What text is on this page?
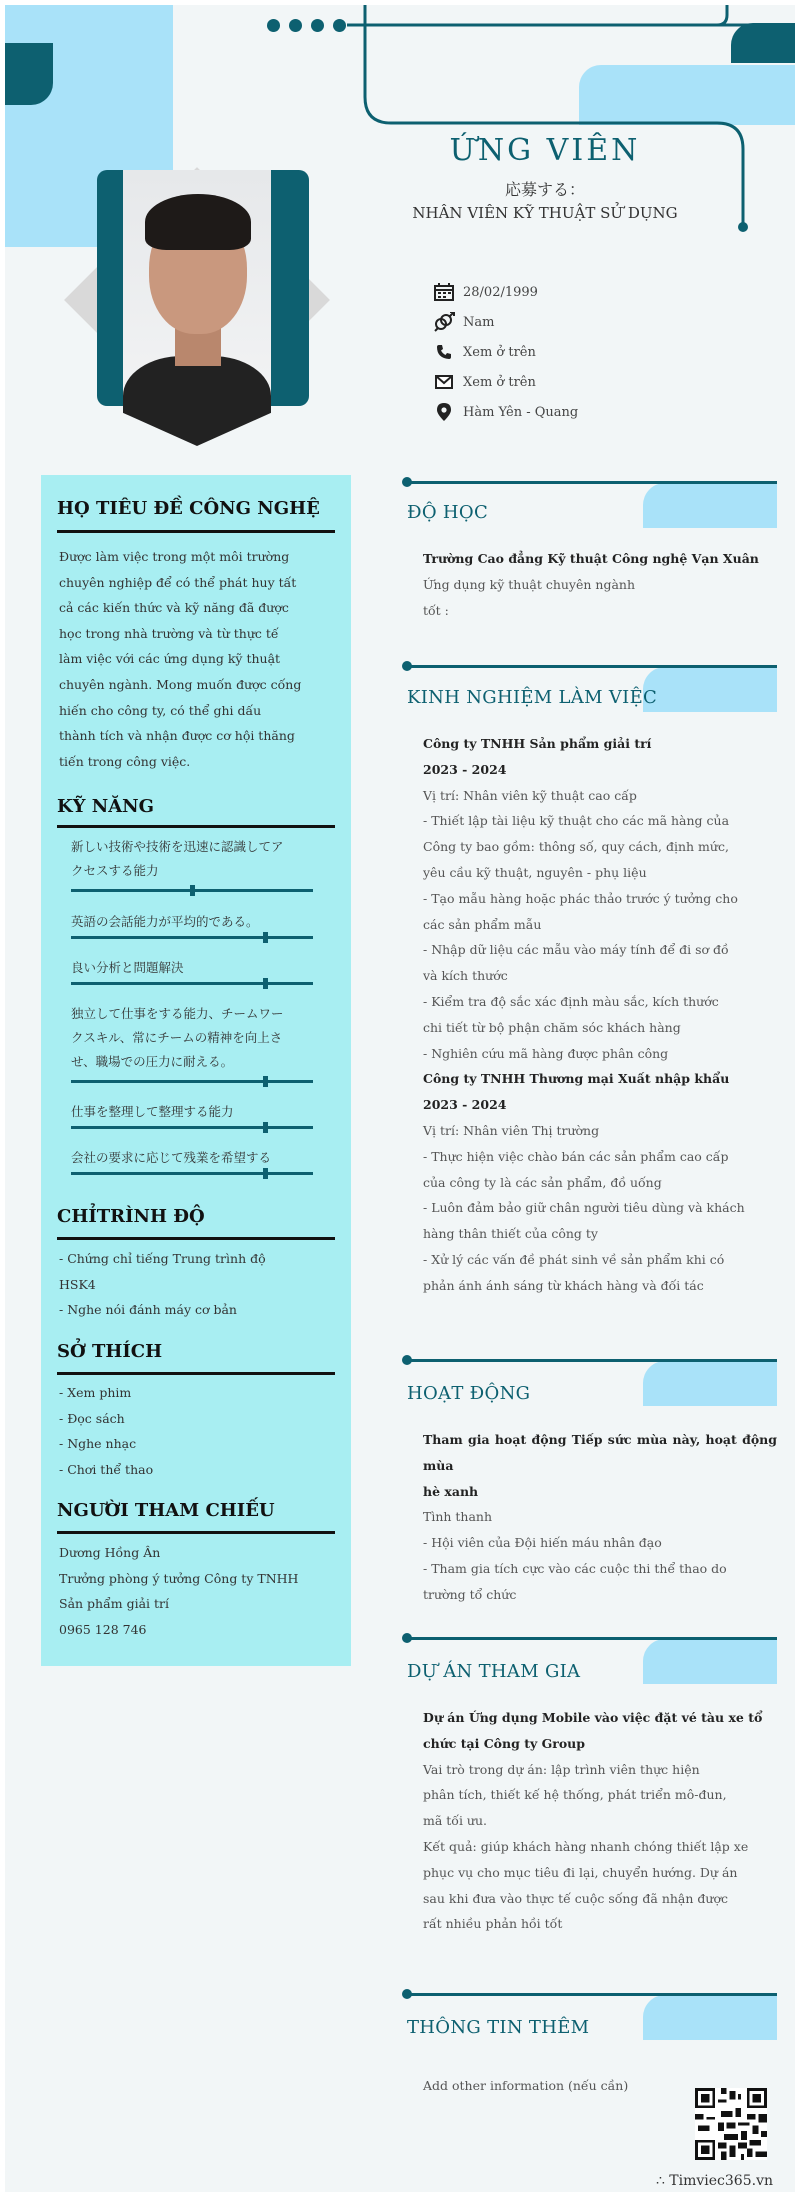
ỨNG VIÊN
応募する：
NHÂN VIÊN KỸ THUẬT SỬ DỤNG
28/02/1999
Nam
Xem ở trên
Xem ở trên
Hàm Yên - Quang
HỌ TIÊU ĐỀ CÔNG NGHỆ
Được làm việc trong một môi trường
chuyên nghiệp để có thể phát huy tất
cả các kiến thức và kỹ năng đã được
học trong nhà trường và từ thực tế
làm việc với các ứng dụng kỹ thuật
chuyên ngành. Mong muốn được cống
hiến cho công ty, có thể ghi dấu
thành tích và nhận được cơ hội thăng
tiến trong công việc.
KỸ NĂNG
新しい技術や技術を迅速に認識してア
クセスする能力
英語の会話能力が平均的である。
良い分析と問題解決
独立して仕事をする能力、チームワー
クスキル、常にチームの精神を向上さ
せ、職場での圧力に耐える。
仕事を整理して整理する能力
会社の要求に応じて残業を希望する
CHỈTRÌNH ĐỘ
- Chứng chỉ tiếng Trung trình độ
HSK4
- Nghe nói đánh máy cơ bản
SỞ THÍCH
- Xem phim
- Đọc sách
- Nghe nhạc
- Chơi thể thao
NGƯỜI THAM CHIẾU
Dương Hồng Ân
Trưởng phòng ý tưởng Công ty TNHH
Sản phẩm giải trí
0965 128 746
ĐỘ HỌC
Trường Cao đẳng Kỹ thuật Công nghệ Vạn Xuân
Ứng dụng kỹ thuật chuyên ngành
tốt :
KINH NGHIỆM LÀM VIỆC
Công ty TNHH Sản phẩm giải trí
2023 - 2024
Vị trí: Nhân viên kỹ thuật cao cấp
- Thiết lập tài liệu kỹ thuật cho các mã hàng của
Công ty bao gồm: thông số, quy cách, định mức,
yêu cầu kỹ thuật, nguyên - phụ liệu
- Tạo mẫu hàng hoặc phác thảo trước ý tưởng cho
các sản phẩm mẫu
- Nhập dữ liệu các mẫu vào máy tính để đi sơ đồ
và kích thước
- Kiểm tra độ sắc xác định màu sắc, kích thước
chi tiết từ bộ phận chăm sóc khách hàng
- Nghiên cứu mã hàng được phân công
Công ty TNHH Thương mại Xuất nhập khẩu
2023 - 2024
Vị trí: Nhân viên Thị trường
- Thực hiện việc chào bán các sản phẩm cao cấp
của công ty là các sản phẩm, đồ uống
- Luôn đảm bảo giữ chân người tiêu dùng và khách
hàng thân thiết của công ty
- Xử lý các vấn đề phát sinh về sản phẩm khi có
phản ánh ánh sáng từ khách hàng và đối tác
HOẠT ĐỘNG
Tham gia hoạt động Tiếp sức mùa này, hoạt động mùa
hè xanh
Tình thanh
- Hội viên của Đội hiến máu nhân đạo
- Tham gia tích cực vào các cuộc thi thể thao do
trường tổ chức
DỰ ÁN THAM GIA
Dự án Ứng dụng Mobile vào việc đặt vé tàu xe tổ
chức tại Công ty Group
Vai trò trong dự án: lập trình viên thực hiện
phân tích, thiết kế hệ thống, phát triển mô-đun,
mã tối ưu.
Kết quả: giúp khách hàng nhanh chóng thiết lập xe
phục vụ cho mục tiêu đi lại, chuyển hướng. Dự án
sau khi đưa vào thực tế cuộc sống đã nhận được
rất nhiều phản hồi tốt
THÔNG TIN THÊM
Add other information (nếu cần)
∴ Timviec365.vn
